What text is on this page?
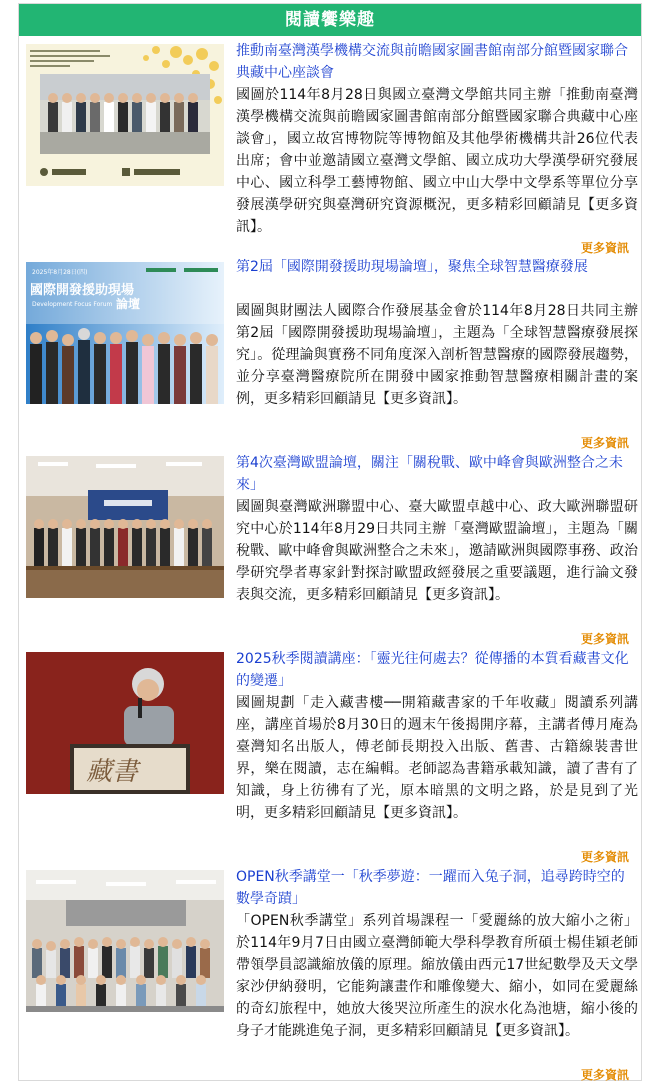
閱讀饗樂趣

推動南臺灣漢學機構交流與前瞻國家圖書館南部分館暨國家聯合典藏中心座談會

國圖於114年8月28日與國立臺灣文學館共同主辦「推動南臺灣漢學機構交流與前瞻國家圖書館南部分館暨國家聯合典藏中心座談會」，國立故宮博物院等博物館及其他學術機構共計26位代表出席；會中並邀請國立臺灣文學館、國立成功大學漢學研究發展中心、國立科學工藝博物館、國立中山大學中文學系等單位分享發展漢學研究與臺灣研究資源概況，更多精彩回顧請見【更多資訊】。

更多資訊
2025年8月28日(四)
國際開發援助現場
Development Focus Forum 論壇

第2屆「國際開發援助現場論壇」，聚焦全球智慧醫療發展

國圖與財團法人國際合作發展基金會於114年8月28日共同主辦第2屆「國際開發援助現場論壇」，主題為「全球智慧醫療發展探究」。從理論與實務不同角度深入剖析智慧醫療的國際發展趨勢，並分享臺灣醫療院所在開發中國家推動智慧醫療相關計畫的案例，更多精彩回顧請見【更多資訊】。

更多資訊

第4次臺灣歐盟論壇，關注「關稅戰、歐中峰會與歐洲整合之未來」

國圖與臺灣歐洲聯盟中心、臺大歐盟卓越中心、政大歐洲聯盟研究中心於114年8月29日共同主辦「臺灣歐盟論壇」，主題為「關稅戰、歐中峰會與歐洲整合之未來」，邀請歐洲與國際事務、政治學研究學者專家針對探討歐盟政經發展之重要議題，進行論文發表與交流，更多精彩回顧請見【更多資訊】。

更多資訊
藏書

2025秋季閱讀講座：「靈光往何處去？從傳播的本質看藏書文化的變遷」

國圖規劃「走入藏書樓──開箱藏書家的千年收藏」閱讀系列講座，講座首場於8月30日的週末午後揭開序幕，主講者傅月庵為臺灣知名出版人，傅老師長期投入出版、舊書、古籍線裝書世界，樂在閱讀，志在編輯。老師認為書籍承載知識，讀了書有了知識，身上彷彿有了光，原本暗黑的文明之路，於是見到了光明，更多精彩回顧請見【更多資訊】。

更多資訊

OPEN秋季講堂一「秋季夢遊：一躍而入兔子洞，追尋跨時空的數學奇蹟」

「OPEN秋季講堂」系列首場課程一「愛麗絲的放大縮小之術」於114年9月7日由國立臺灣師範大學科學教育所碩士楊佳穎老師帶領學員認識縮放儀的原理。縮放儀由西元17世紀數學及天文學家沙伊納發明，它能夠讓畫作和雕像變大、縮小，如同在愛麗絲的奇幻旅程中，她放大後哭泣所產生的淚水化為池塘，縮小後的身子才能跳進兔子洞，更多精彩回顧請見【更多資訊】。

更多資訊
